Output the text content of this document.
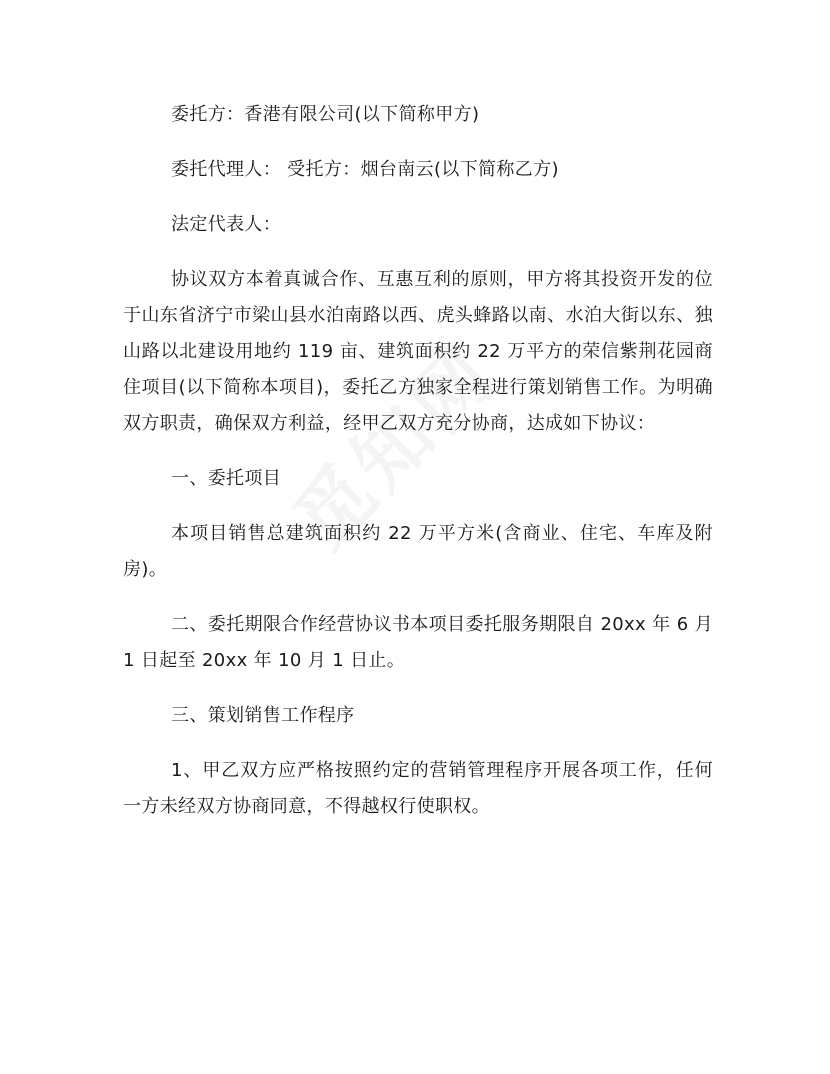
委托方：香港有限公司(以下简称甲方)

委托代理人： 受托方：烟台南云(以下简称乙方)

法定代表人：

协议双方本着真诚合作、互惠互利的原则，甲方将其投资开发的位于山东省济宁市梁山县水泊南路以西、虎头蜂路以南、水泊大街以东、独山路以北建设用地约 119 亩、建筑面积约 22 万平方的荣信紫荆花园商住项目(以下简称本项目)，委托乙方独家全程进行策划销售工作。为明确双方职责，确保双方利益，经甲乙双方充分协商，达成如下协议：

一、委托项目

本项目销售总建筑面积约 22 万平方米(含商业、住宅、车库及附房)。

二、委托期限合作经营协议书本项目委托服务期限自 20xx 年 6 月 1 日起至 20xx 年 10 月 1 日止。

三、策划销售工作程序

1、甲乙双方应严格按照约定的营销管理程序开展各项工作，任何一方未经双方协商同意，不得越权行使职权。
